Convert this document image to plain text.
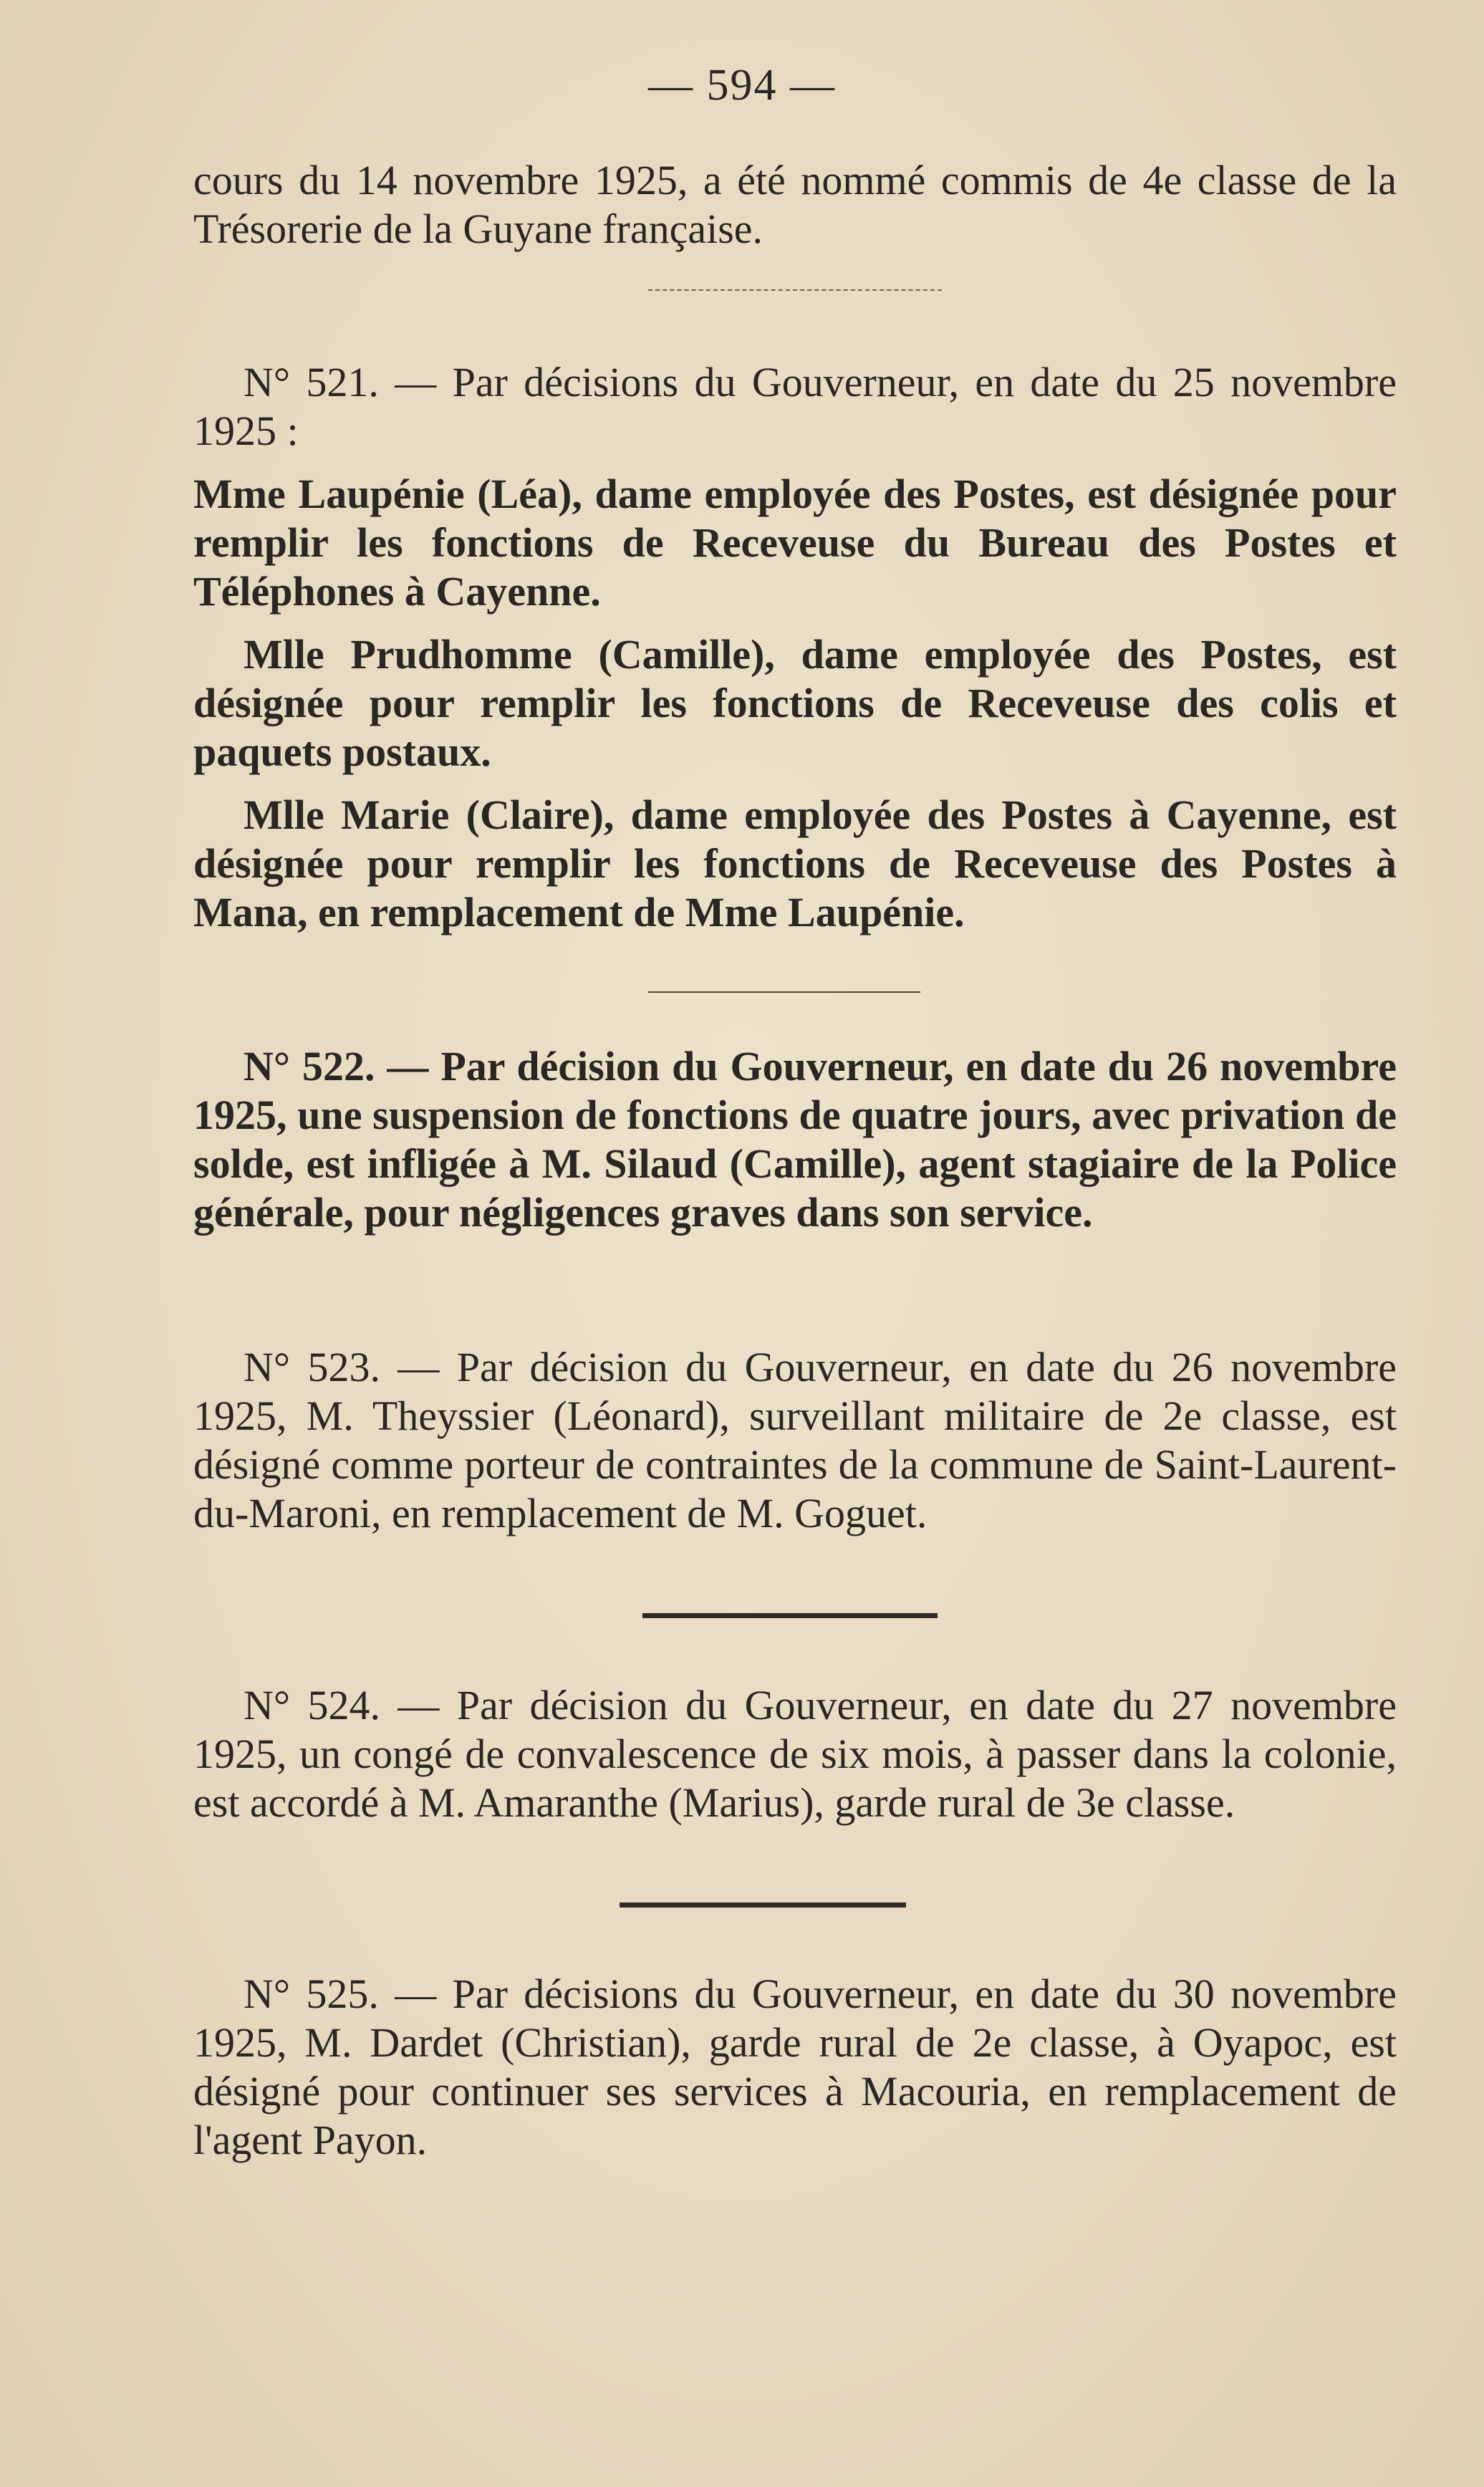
— 594 —

cours du 14 novembre 1925, a été nommé commis de 4e classe de la Trésorerie de la Guyane française.

N° 521. — Par décisions du Gouverneur, en date du 25 novembre 1925 :

Mme Laupénie (Léa), dame employée des Postes, est désignée pour remplir les fonctions de Receveuse du Bureau des Postes et Téléphones à Cayenne.

Mlle Prudhomme (Camille), dame employée des Postes, est désignée pour remplir les fonctions de Receveuse des colis et paquets postaux.

Mlle Marie (Claire), dame employée des Postes à Cayenne, est désignée pour remplir les fonctions de Receveuse des Postes à Mana, en remplacement de Mme Laupénie.

N° 522. — Par décision du Gouverneur, en date du 26 novembre 1925, une suspension de fonctions de quatre jours, avec privation de solde, est infligée à M. Silaud (Camille), agent stagiaire de la Police générale, pour négligences graves dans son service.

N° 523. — Par décision du Gouverneur, en date du 26 novembre 1925, M. Theyssier (Léonard), surveillant militaire de 2e classe, est désigné comme porteur de contraintes de la commune de Saint-Laurent-du-Maroni, en remplacement de M. Goguet.

N° 524. — Par décision du Gouverneur, en date du 27 novembre 1925, un congé de convalescence de six mois, à passer dans la colonie, est accordé à M. Amaranthe (Marius), garde rural de 3e classe.

N° 525. — Par décisions du Gouverneur, en date du 30 novembre 1925, M. Dardet (Christian), garde rural de 2e classe, à Oyapoc, est désigné pour continuer ses services à Macouria, en remplacement de l'agent Payon.
